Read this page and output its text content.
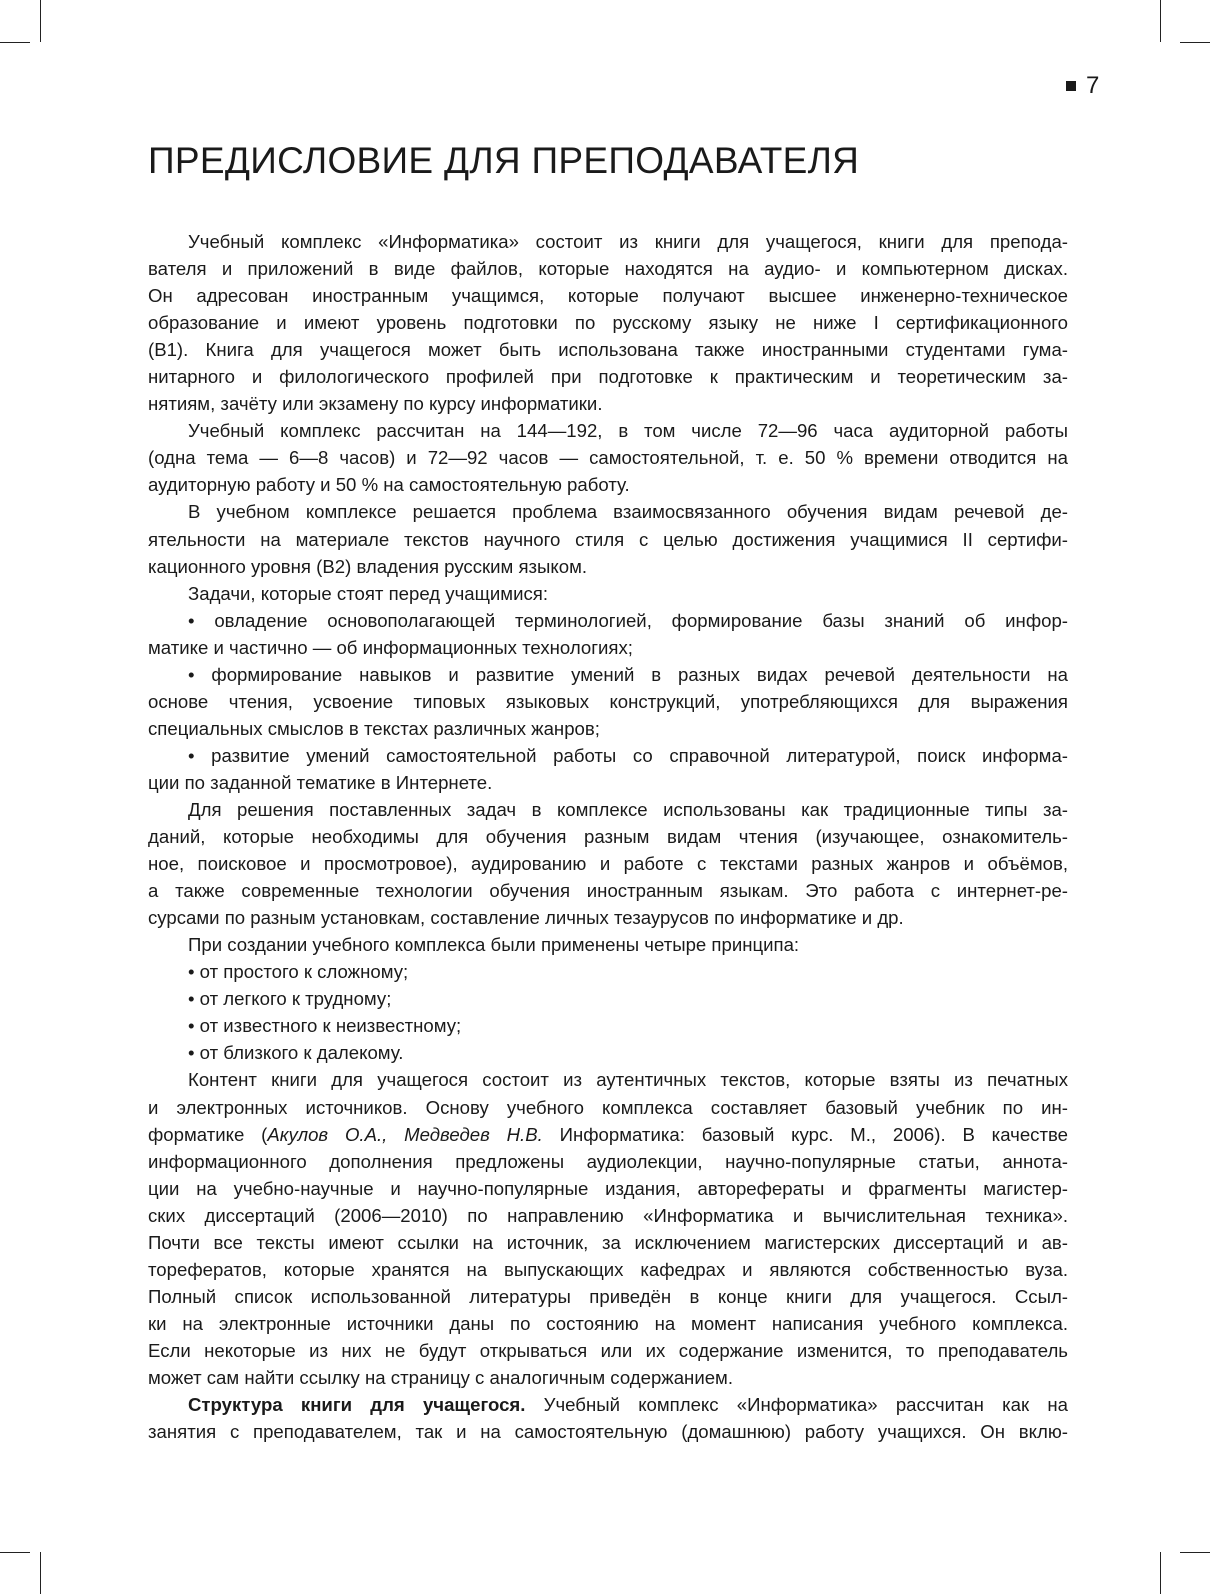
7
ПРЕДИСЛОВИЕ ДЛЯ ПРЕПОДАВАТЕЛЯ
Учебный комплекс «Информатика» состоит из книги для учащегося, книги для препода-
вателя и приложений в виде файлов, которые находятся на аудио- и компьютерном дисках.
Он адресован иностранным учащимся, которые получают высшее инженерно-техническое
образование и имеют уровень подготовки по русскому языку не ниже I сертификационного
(В1). Книга для учащегося может быть использована также иностранными студентами гума-
нитарного и филологического профилей при подготовке к практическим и теоретическим за-
нятиям, зачёту или экзамену по курсу информатики.
Учебный комплекс рассчитан на 144—192, в том числе 72—96 часа аудиторной работы
(одна тема — 6—8 часов) и 72—92 часов — самостоятельной, т. е. 50 % времени отводится на
аудиторную работу и 50 % на самостоятельную работу.
В учебном комплексе решается проблема взаимосвязанного обучения видам речевой де-
ятельности на материале текстов научного стиля с целью достижения учащимися II сертифи-
кационного уровня (В2) владения русским языком.
Задачи, которые стоят перед учащимися:
• овладение основополагающей терминологией, формирование базы знаний об инфор-
матике и частично — об информационных технологиях;
• формирование навыков и развитие умений в разных видах речевой деятельности на
основе чтения, усвоение типовых языковых конструкций, употребляющихся для выражения
специальных смыслов в текстах различных жанров;
• развитие умений самостоятельной работы со справочной литературой, поиск информа-
ции по заданной тематике в Интернете.
Для решения поставленных задач в комплексе использованы как традиционные типы за-
даний, которые необходимы для обучения разным видам чтения (изучающее, ознакомитель-
ное, поисковое и просмотровое), аудированию и работе с текстами разных жанров и объёмов,
а также современные технологии обучения иностранным языкам. Это работа с интернет-ре-
сурсами по разным установкам, составление личных тезаурусов по информатике и др.
При создании учебного комплекса были применены четыре принципа:
• от простого к сложному;
• от легкого к трудному;
• от известного к неизвестному;
• от близкого к далекому.
Контент книги для учащегося состоит из аутентичных текстов, которые взяты из печатных
и электронных источников. Основу учебного комплекса составляет базовый учебник по ин-
форматике (Акулов О.А., Медведев Н.В. Информатика: базовый курс. М., 2006). В качестве
информационного дополнения предложены аудиолекции, научно-популярные статьи, аннота-
ции на учебно-научные и научно-популярные издания, авторефераты и фрагменты магистер-
ских диссертаций (2006—2010) по направлению «Информатика и вычислительная техника».
Почти все тексты имеют ссылки на источник, за исключением магистерских диссертаций и ав-
торефератов, которые хранятся на выпускающих кафедрах и являются собственностью вуза.
Полный список использованной литературы приведён в конце книги для учащегося. Ссыл-
ки на электронные источники даны по состоянию на момент написания учебного комплекса.
Если некоторые из них не будут открываться или их содержание изменится, то преподаватель
может сам найти ссылку на страницу с аналогичным содержанием.
Структура книги для учащегося. Учебный комплекс «Информатика» рассчитан как на
занятия с преподавателем, так и на самостоятельную (домашнюю) работу учащихся. Он вклю-
